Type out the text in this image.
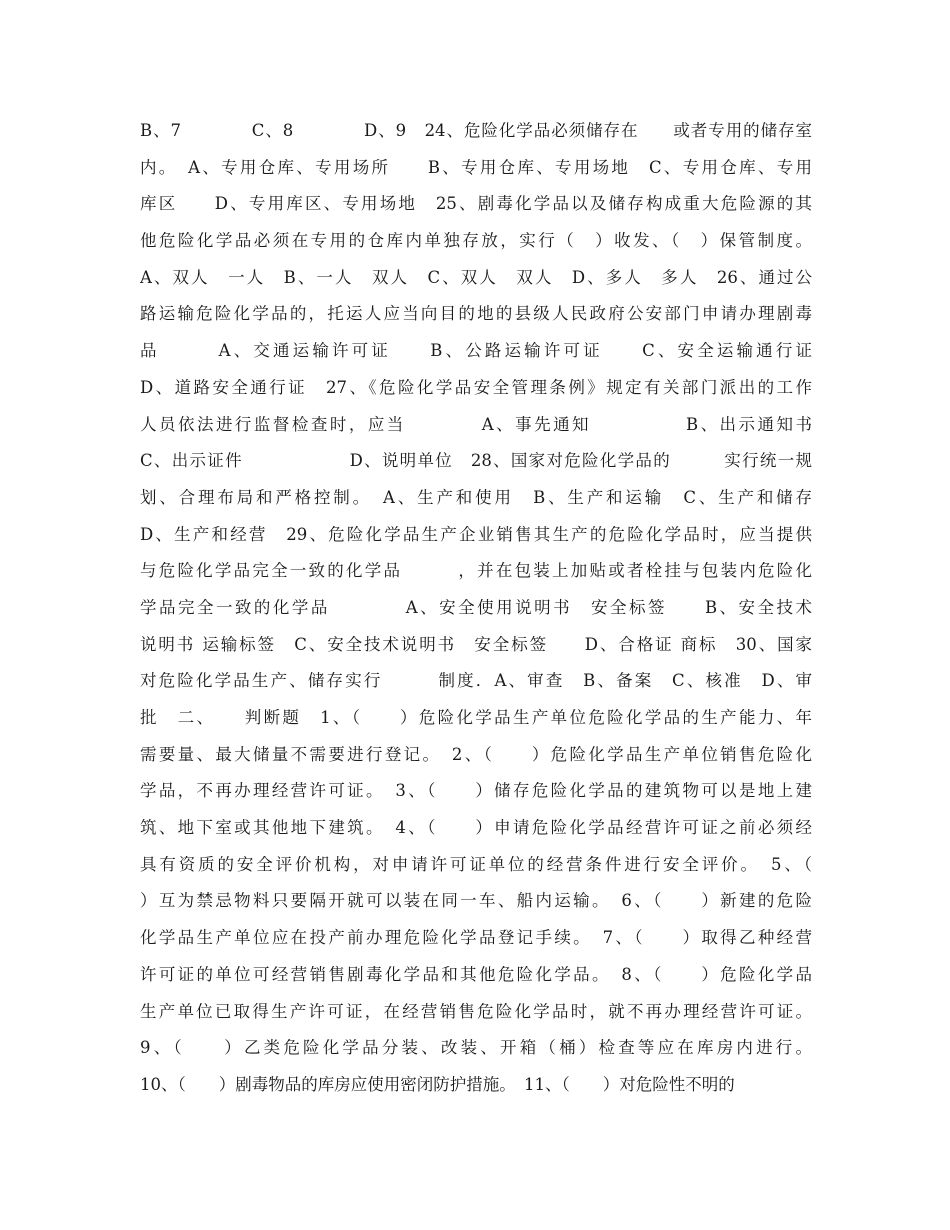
B、7　　　　C、8　　　　D、9　24、危险化学品必须储存在　　或者专用的储存室
内。　A、专用仓库、专用场所　　B、专用仓库、专用场地　C、专用仓库、专用
库区　　D、专用库区、专用场地　25、剧毒化学品以及储存构成重大危险源的其
他危险化学品必须在专用的仓库内单独存放，实行（　）收发、（　）保管制度。
A、双人　一人　B、一人　双人　C、双人　双人　D、多人　多人　26、通过公
路运输危险化学品的，托运人应当向目的地的县级人民政府公安部门申请办理剧毒
品　　　A、交通运输许可证　　B、公路运输许可证　　C、安全运输通行证
D、道路安全通行证　27、《危险化学品安全管理条例》规定有关部门派出的工作
人员依法进行监督检查时，应当　　　　A、事先通知　　　　　B、出示通知书
C、出示证件　　　　　　D、说明单位　28、国家对危险化学品的　　　实行统一规
划、合理布局和严格控制。　A、生产和使用　B、生产和运输　C、生产和储存
D、生产和经营　29、危险化学品生产企业销售其生产的危险化学品时，应当提供
与危险化学品完全一致的化学品　　　，并在包装上加贴或者栓挂与包装内危险化
学品完全一致的化学品　　　　A、安全使用说明书　安全标签　　B、安全技术
说明书 运输标签　C、安全技术说明书　安全标签　　D、合格证 商标　30、国家
对危险化学品生产、储存实行　　　制度．A、审查　B、备案　C、核准　D、审
批　二、　　判断题　1、（　　）危险化学品生产单位危险化学品的生产能力、年
需要量、最大储量不需要进行登记。　2、（　　）危险化学品生产单位销售危险化
学品，不再办理经营许可证。　3、（　　）储存危险化学品的建筑物可以是地上建
筑、地下室或其他地下建筑。　4、（　　）申请危险化学品经营许可证之前必须经
具有资质的安全评价机构，对申请许可证单位的经营条件进行安全评价。　5、（
）互为禁忌物料只要隔开就可以装在同一车、船内运输。　6、（　　）新建的危险
化学品生产单位应在投产前办理危险化学品登记手续。　7、（　　）取得乙种经营
许可证的单位可经营销售剧毒化学品和其他危险化学品。　8、（　　）危险化学品
生产单位已取得生产许可证，在经营销售危险化学品时，就不再办理经营许可证。
9、（　　）乙类危险化学品分装、改装、开箱（桶）检查等应在库房内进行。
10、（　　）剧毒物品的库房应使用密闭防护措施。　11、（　　）对危险性不明的
